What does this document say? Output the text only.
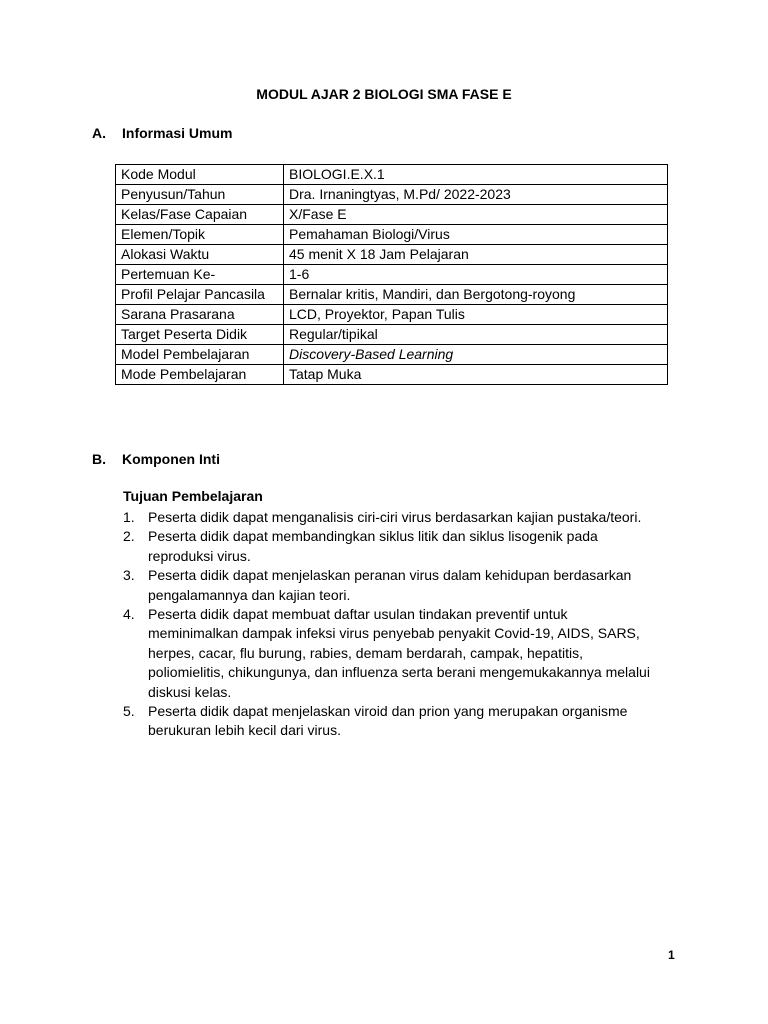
MODUL AJAR 2 BIOLOGI SMA FASE E
A. Informasi Umum
Kode Modul	BIOLOGI.E.X.1
Penyusun/Tahun	Dra. Irnaningtyas, M.Pd/ 2022-2023
Kelas/Fase Capaian	X/Fase E
Elemen/Topik	Pemahaman Biologi/Virus
Alokasi Waktu	45 menit X 18 Jam Pelajaran
Pertemuan Ke-	1-6
Profil Pelajar Pancasila	Bernalar kritis, Mandiri, dan Bergotong-royong
Sarana Prasarana	LCD, Proyektor, Papan Tulis
Target Peserta Didik	Regular/tipikal
Model Pembelajaran	Discovery-Based Learning
Mode Pembelajaran	Tatap Muka
B. Komponen Inti
Tujuan Pembelajaran
1. Peserta didik dapat menganalisis ciri-ciri virus berdasarkan kajian pustaka/teori.
2. Peserta didik dapat membandingkan siklus litik dan siklus lisogenik pada reproduksi virus.
3. Peserta didik dapat menjelaskan peranan virus dalam kehidupan berdasarkan pengalamannya dan kajian teori.
4. Peserta didik dapat membuat daftar usulan tindakan preventif untuk meminimalkan dampak infeksi virus penyebab penyakit Covid-19, AIDS, SARS, herpes, cacar, flu burung, rabies, demam berdarah, campak, hepatitis, poliomielitis, chikungunya, dan influenza serta berani mengemukakannya melalui diskusi kelas.
5. Peserta didik dapat menjelaskan viroid dan prion yang merupakan organisme berukuran lebih kecil dari virus.
1
